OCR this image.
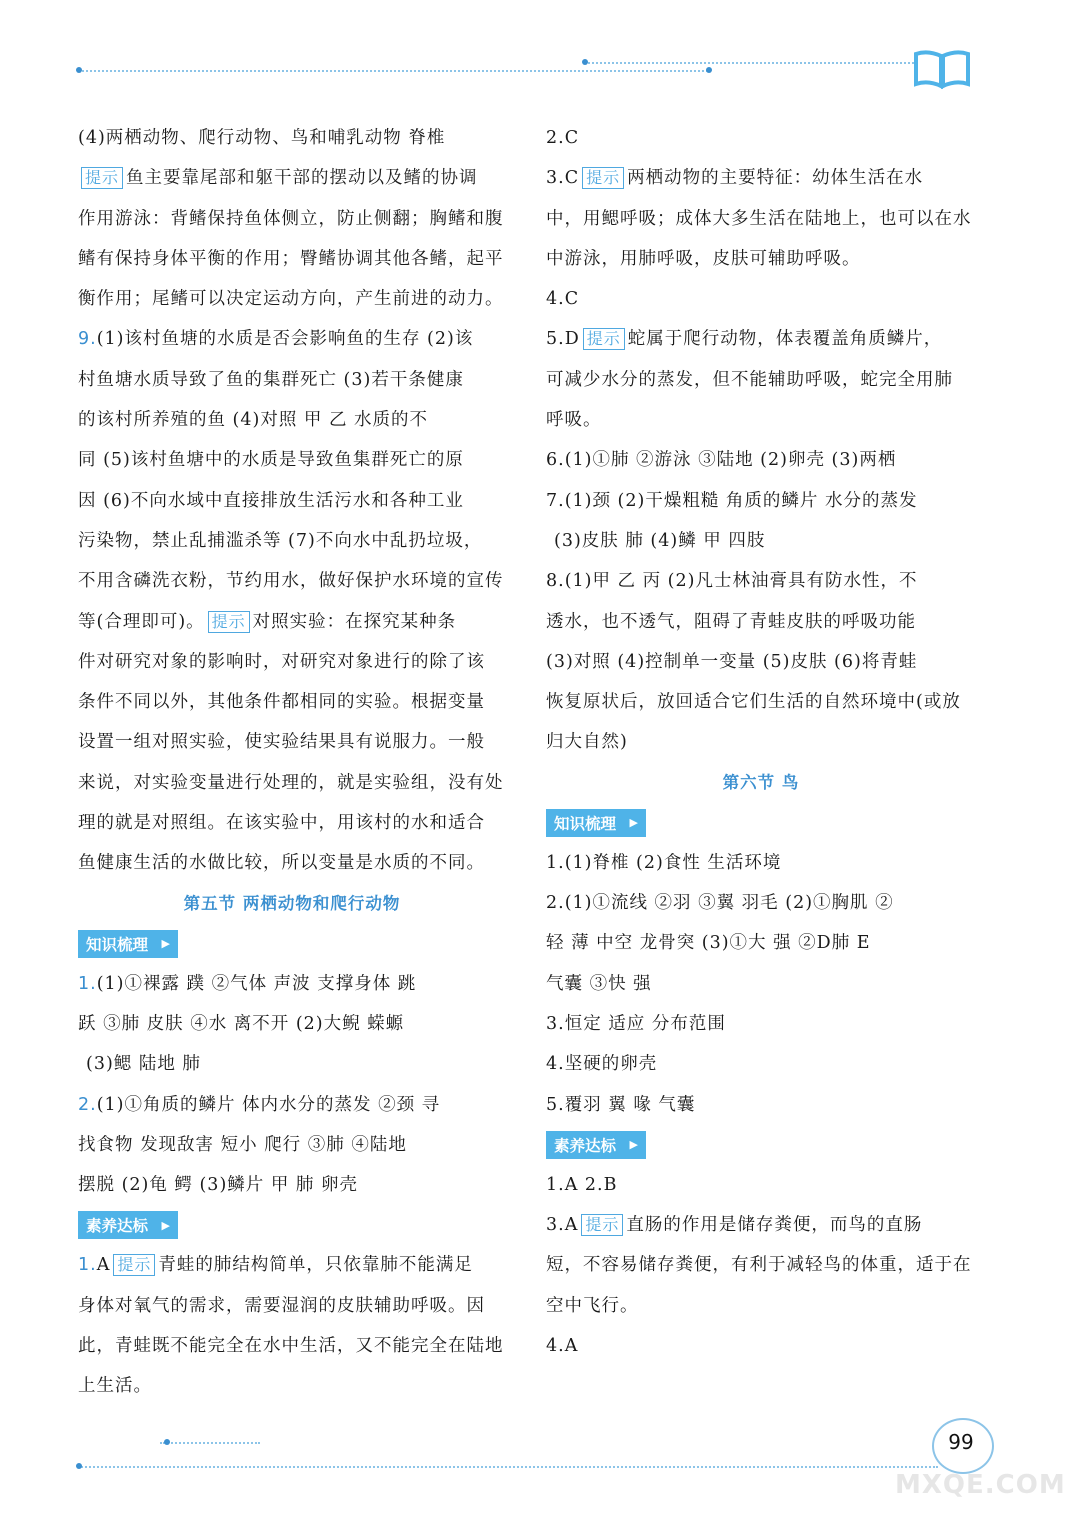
(4)两栖动物、爬行动物、鸟和哺乳动物 脊椎
提示 鱼主要靠尾部和躯干部的摆动以及鳍的协调
作用游泳：背鳍保持鱼体侧立，防止侧翻；胸鳍和腹
鳍有保持身体平衡的作用；臀鳍协调其他各鳍，起平
衡作用；尾鳍可以决定运动方向，产生前进的动力。
9.(1)该村鱼塘的水质是否会影响鱼的生存 (2)该
村鱼塘水质导致了鱼的集群死亡 (3)若干条健康
的该村所养殖的鱼 (4)对照 甲 乙 水质的不
同 (5)该村鱼塘中的水质是导致鱼集群死亡的原
因 (6)不向水域中直接排放生活污水和各种工业
污染物，禁止乱捕滥杀等 (7)不向水中乱扔垃圾，
不用含磷洗衣粉，节约用水，做好保护水环境的宣传
等(合理即可)。 提示 对照实验：在探究某种条
件对研究对象的影响时，对研究对象进行的除了该
条件不同以外，其他条件都相同的实验。根据变量
设置一组对照实验，使实验结果具有说服力。一般
来说，对实验变量进行处理的，就是实验组，没有处
理的就是对照组。在该实验中，用该村的水和适合
鱼健康生活的水做比较，所以变量是水质的不同。
第五节 两栖动物和爬行动物
知识梳理 ▶
1.(1)①裸露 蹼 ②气体 声波 支撑身体 跳
跃 ③肺 皮肤 ④水 离不开 (2)大鲵 蝾螈
(3)鳃 陆地 肺
2.(1)①角质的鳞片 体内水分的蒸发 ②颈 寻
找食物 发现敌害 短小 爬行 ③肺 ④陆地
摆脱 (2)龟 鳄 (3)鳞片 甲 肺 卵壳
素养达标 ▶
1.A 提示 青蛙的肺结构简单，只依靠肺不能满足
身体对氧气的需求，需要湿润的皮肤辅助呼吸。因
此，青蛙既不能完全在水中生活，又不能完全在陆地
上生活。
2.C
3.C 提示 两栖动物的主要特征：幼体生活在水
中，用鳃呼吸；成体大多生活在陆地上，也可以在水
中游泳，用肺呼吸，皮肤可辅助呼吸。
4.C
5.D 提示 蛇属于爬行动物，体表覆盖角质鳞片，
可减少水分的蒸发，但不能辅助呼吸，蛇完全用肺
呼吸。
6.(1)①肺 ②游泳 ③陆地 (2)卵壳 (3)两栖
7.(1)颈 (2)干燥粗糙 角质的鳞片 水分的蒸发
(3)皮肤 肺 (4)鳞 甲 四肢
8.(1)甲 乙 丙 (2)凡士林油膏具有防水性，不
透水，也不透气，阻碍了青蛙皮肤的呼吸功能
(3)对照 (4)控制单一变量 (5)皮肤 (6)将青蛙
恢复原状后，放回适合它们生活的自然环境中(或放
归大自然)
第六节 鸟
知识梳理 ▶
1.(1)脊椎 (2)食性 生活环境
2.(1)①流线 ②羽 ③翼 羽毛 (2)①胸肌 ②
轻 薄 中空 龙骨突 (3)①大 强 ②D肺 E
气囊 ③快 强
3.恒定 适应 分布范围
4.坚硬的卵壳
5.覆羽 翼 喙 气囊
素养达标 ▶
1.A 2.B
3.A 提示 直肠的作用是储存粪便，而鸟的直肠
短，不容易储存粪便，有利于减轻鸟的体重，适于在
空中飞行。
4.A
99
MXQE.COM
